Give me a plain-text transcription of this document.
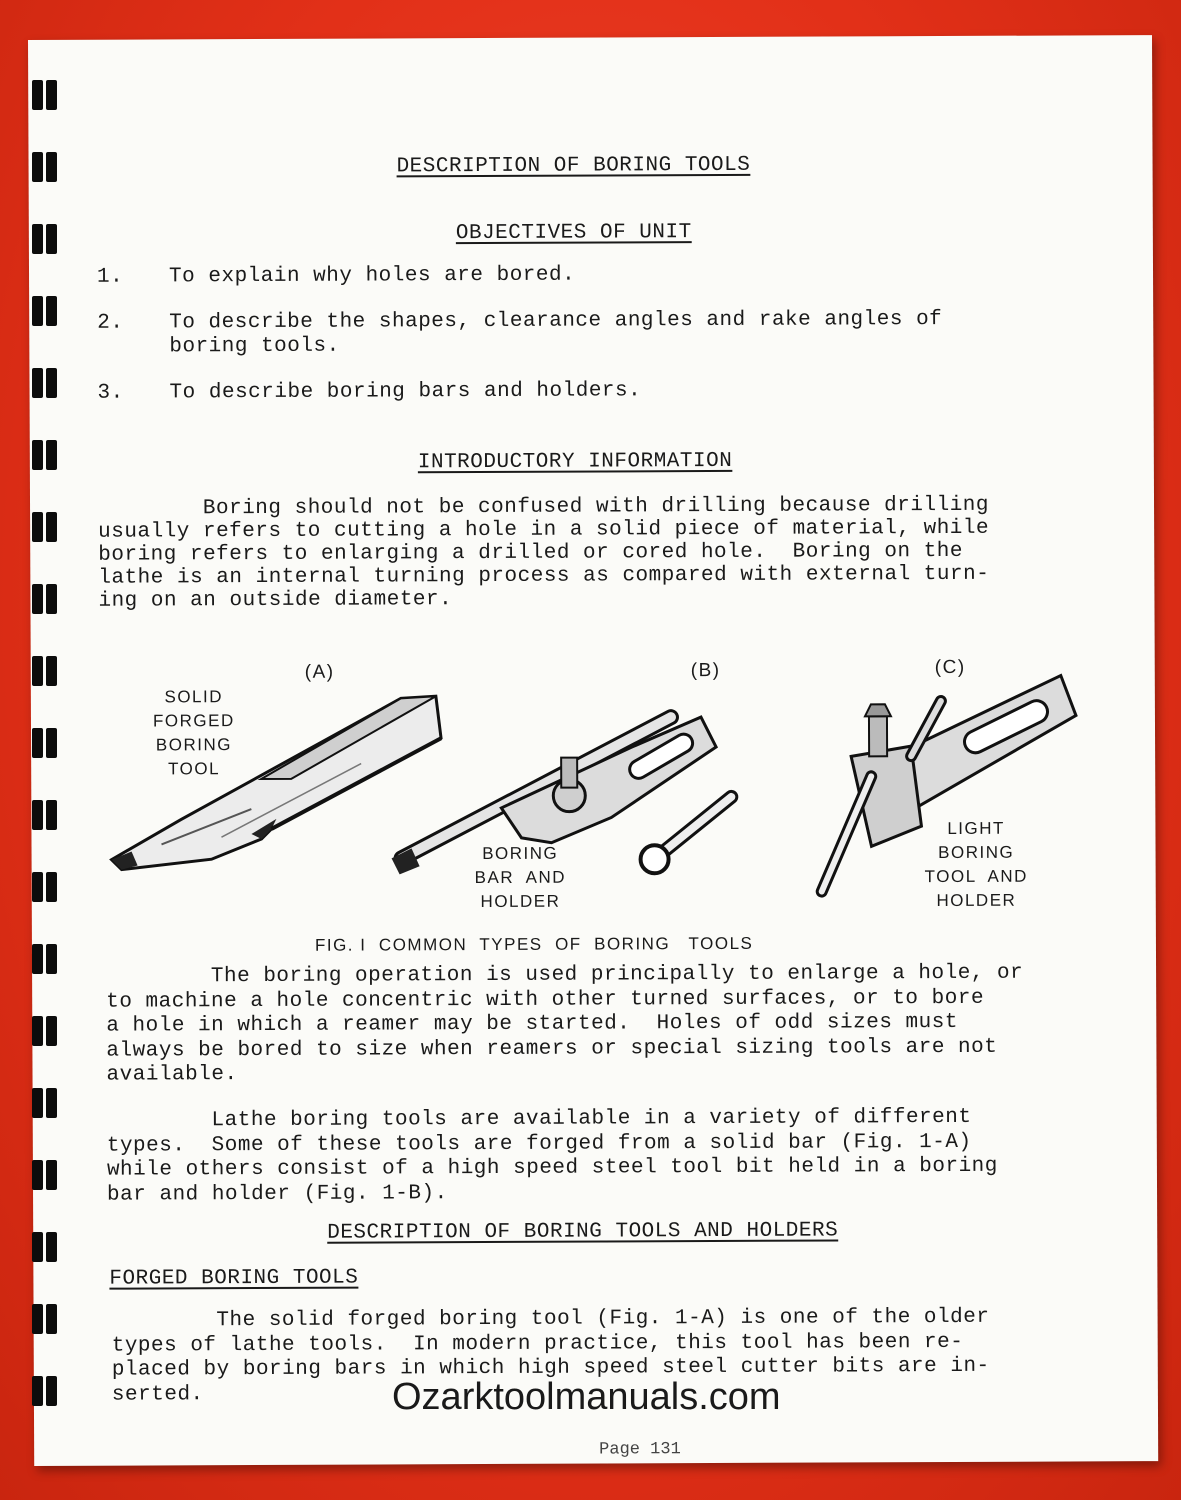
DESCRIPTION OF BORING TOOLS
OBJECTIVES OF UNIT
1. To explain why holes are bored.
2. To describe the shapes, clearance angles and rake angles of
boring tools.
3. To describe boring bars and holders.
INTRODUCTORY INFORMATION
Boring should not be confused with drilling because drilling
usually refers to cutting a hole in a solid piece of material, while
boring refers to enlarging a drilled or cored hole.  Boring on the
lathe is an internal turning process as compared with external turn-
ing on an outside diameter.
(A)	(B)	(C)
SOLID
FORGED
BORING
TOOL
BORING
BAR  AND
HOLDER
LIGHT
BORING
TOOL  AND
HOLDER
FIG. I  COMMON  TYPES  OF  BORING   TOOLS
The boring operation is used principally to enlarge a hole, or
to machine a hole concentric with other turned surfaces, or to bore
a hole in which a reamer may be started.  Holes of odd sizes must
always be bored to size when reamers or special sizing tools are not
available.
Lathe boring tools are available in a variety of different
types.  Some of these tools are forged from a solid bar (Fig. 1-A)
while others consist of a high speed steel tool bit held in a boring
bar and holder (Fig. 1-B).
DESCRIPTION OF BORING TOOLS AND HOLDERS
FORGED BORING TOOLS
The solid forged boring tool (Fig. 1-A) is one of the older
types of lathe tools.  In modern practice, this tool has been re-
placed by boring bars in which high speed steel cutter bits are in-
serted.
Page 131
Ozarktoolmanuals.com
